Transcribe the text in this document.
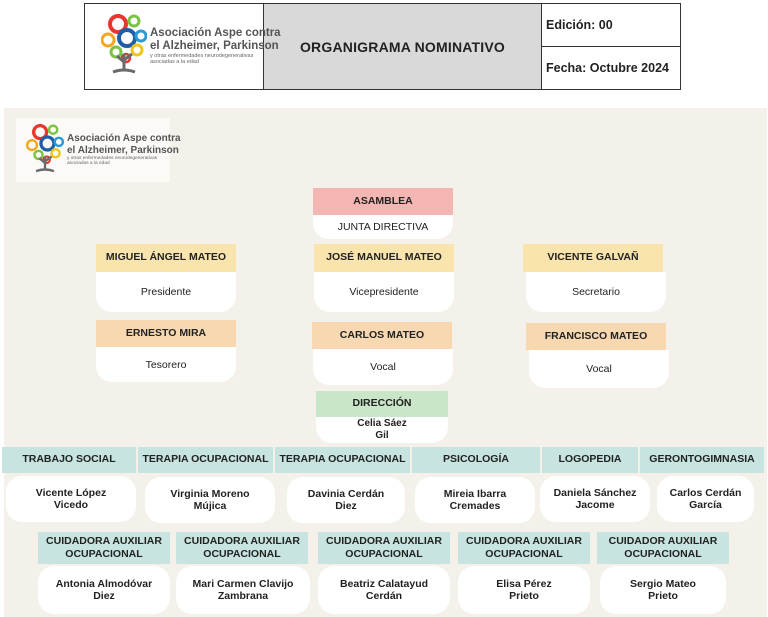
ORGANIGRAMA NOMINATIVO
Edición: 00
Fecha: Octubre 2024
Asociación Aspe contra
el Alzheimer, Parkinson
y otras enfermedades neurodegenerativas
asociadas a la edad
Asociación Aspe contra
el Alzheimer, Parkinson
y otras enfermedades neurodegenerativas
asociadas a la edad
ASAMBLEA
JUNTA DIRECTIVA
MIGUEL ÁNGEL MATEO
Presidente
JOSÉ MANUEL MATEO
Vicepresidente
VICENTE GALVAÑ
Secretario
ERNESTO MIRA
Tesorero
CARLOS MATEO
Vocal
FRANCISCO MATEO
Vocal
DIRECCIÓN
Celia Sáez
Gil
TRABAJO SOCIAL
Vicente López
Vicedo
TERAPIA OCUPACIONAL
Virginia Moreno
Mújica
TERAPIA OCUPACIONAL
Davinia Cerdán
Diez
PSICOLOGÍA
Mireia Ibarra
Cremades
LOGOPEDIA
Daniela Sánchez
Jacome
GERONTOGIMNASIA
Carlos Cerdán
García
CUIDADORA AUXILIAR
OCUPACIONAL
Antonia Almodóvar
Diez
CUIDADORA AUXILIAR
OCUPACIONAL
Mari Carmen Clavijo
Zambrana
CUIDADORA AUXILIAR
OCUPACIONAL
Beatriz Calatayud
Cerdán
CUIDADORA AUXILIAR
OCUPACIONAL
Elisa Pérez
Prieto
CUIDADOR AUXILIAR
OCUPACIONAL
Sergio Mateo
Prieto
